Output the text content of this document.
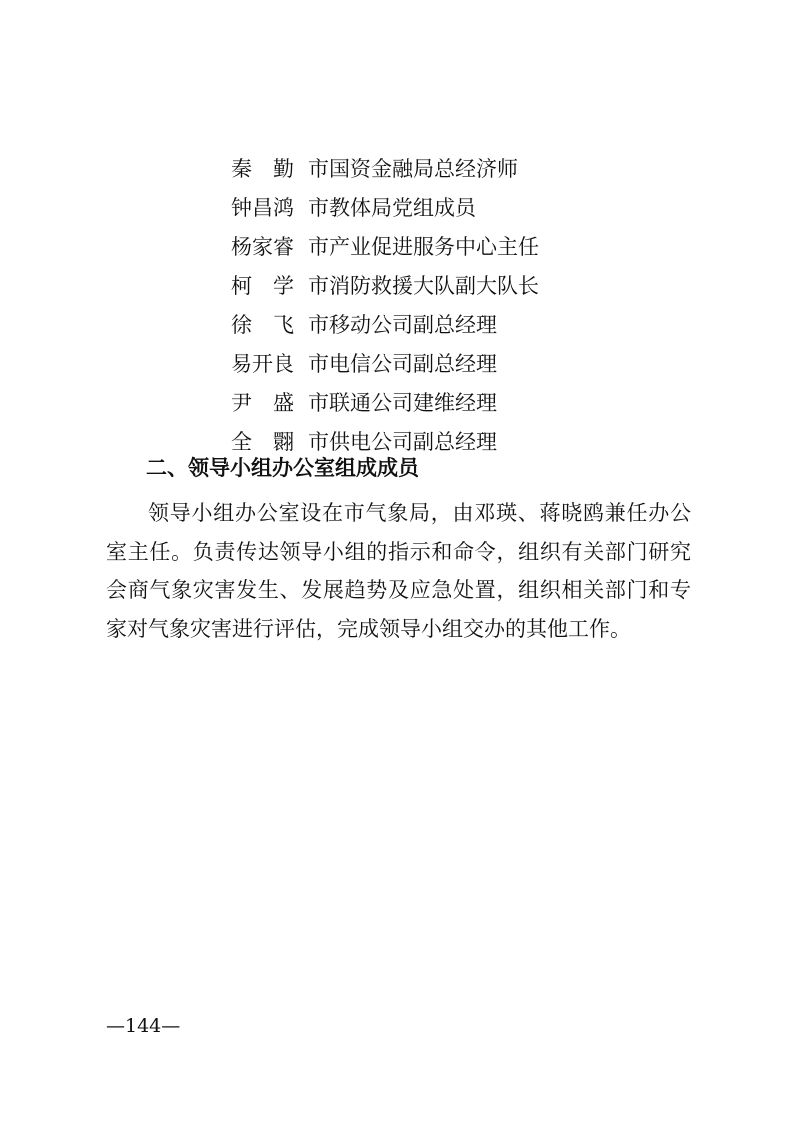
秦 勤 市国资金融局总经济师
钟 昌 鸿 市教体局党组成员
杨 家 睿 市产业促进服务中心主任
柯 学 市消防救援大队副大队长
徐 飞 市移动公司副总经理
易 开 良 市电信公司副总经理
尹 盛 市联通公司建维经理
全 翾 市供电公司副总经理
二、领导小组办公室组成成员

领导小组办公室设在市气象局，由邓瑛、蒋晓鸥兼任办公室主任。负责传达领导小组的指示和命令，组织有关部门研究会商气象灾害发生、发展趋势及应急处置，组织相关部门和专家对气象灾害进行评估，完成领导小组交办的其他工作。

—144—
